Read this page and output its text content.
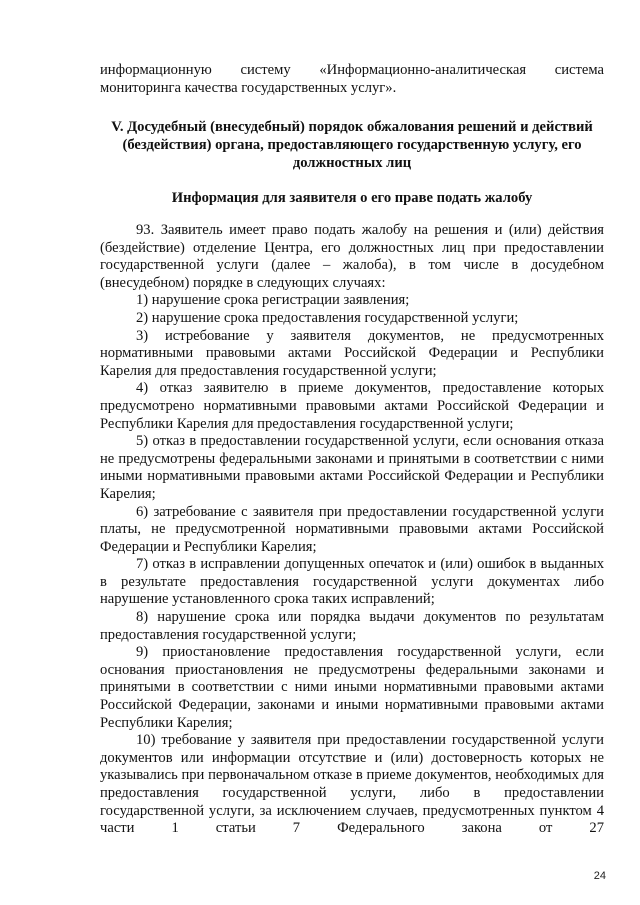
информационную систему «Информационно-аналитическая система мониторинга качества государственных услуг».

V. Досудебный (внесудебный) порядок обжалования решений и действий (бездействия) органа, предоставляющего государственную услугу, его должностных лиц
Информация для заявителя о его праве подать жалобу

93. Заявитель имеет право подать жалобу на решения и (или) действия (бездействие) отделение Центра, его должностных лиц при предоставлении государственной услуги (далее – жалоба), в том числе в досудебном (внесудебном) порядке в следующих случаях:

1) нарушение срока регистрации заявления;

2) нарушение срока предоставления государственной услуги;

3) истребование у заявителя документов, не предусмотренных нормативными правовыми актами Российской Федерации и Республики Карелия для предоставления государственной услуги;

4) отказ заявителю в приеме документов, предоставление которых предусмотрено нормативными правовыми актами Российской Федерации и Республики Карелия для предоставления государственной услуги;

5) отказ в предоставлении государственной услуги, если основания отказа не предусмотрены федеральными законами и принятыми в соответствии с ними иными нормативными правовыми актами Российской Федерации и Республики Карелия;

6) затребование с заявителя при предоставлении государственной услуги платы, не предусмотренной нормативными правовыми актами Российской Федерации и Республики Карелия;

7) отказ в исправлении допущенных опечаток и (или) ошибок в выданных в результате предоставления государственной услуги документах либо нарушение установленного срока таких исправлений;

8) нарушение срока или порядка выдачи документов по результатам предоставления государственной услуги;

9) приостановление предоставления государственной услуги, если основания приостановления не предусмотрены федеральными законами и принятыми в соответствии с ними иными нормативными правовыми актами Российской Федерации, законами и иными нормативными правовыми актами Республики Карелия;

10) требование у заявителя при предоставлении государственной услуги документов или информации отсутствие и (или) достоверность которых не указывались при первоначальном отказе в приеме документов, необходимых для предоставления государственной услуги, либо в предоставлении государственной услуги, за исключением случаев, предусмотренных пунктом 4 части 1 статьи 7 Федерального закона от 27

24
